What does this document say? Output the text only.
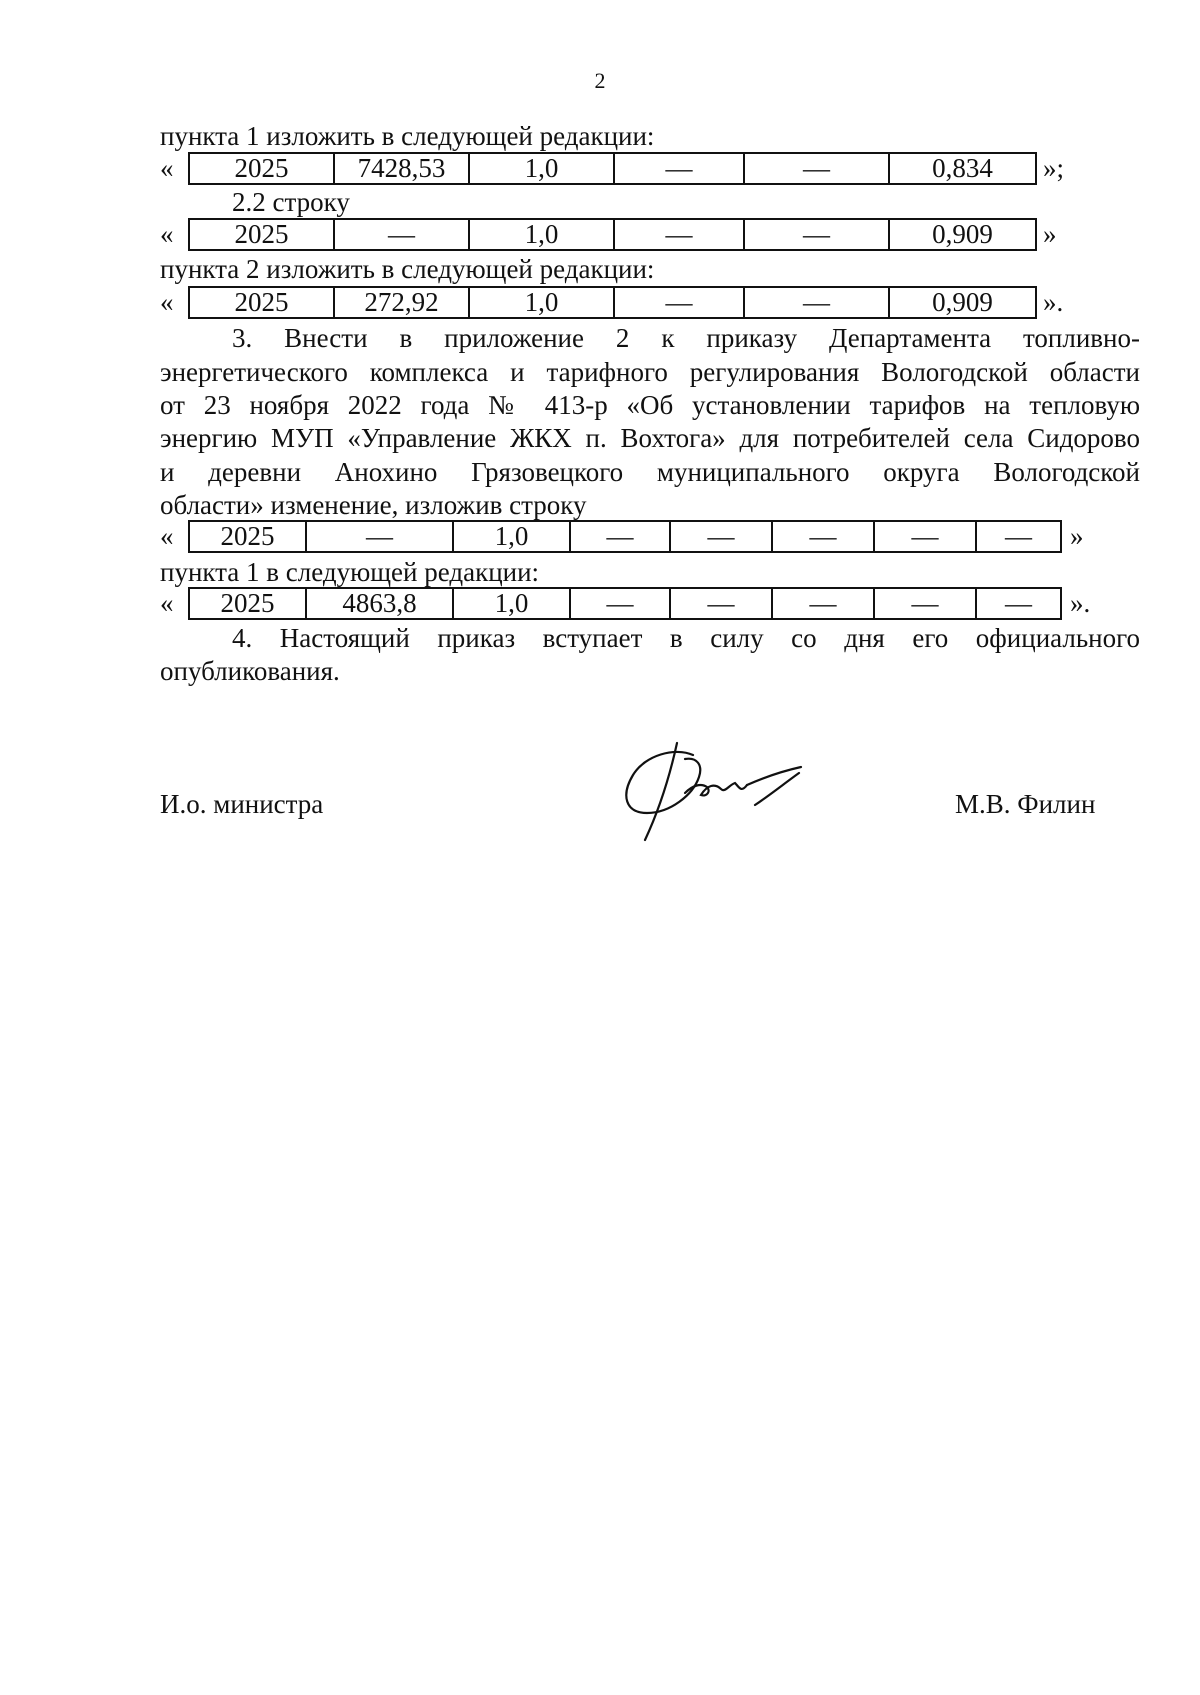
2
пункта 1 изложить в следующей редакции:
« 2025	7428,53	1,0	—	—	0,834 »;
2.2 строку
« 2025	—	1,0	—	—	0,909 »
пункта 2 изложить в следующей редакции:
« 2025	272,92	1,0	—	—	0,909 ».
3. Внести в приложение 2 к приказу Департамента топливно-
энергетического комплекса и тарифного регулирования Вологодской области
от 23 ноября 2022 года № 413-р «Об установлении тарифов на тепловую
энергию МУП «Управление ЖКХ п. Вохтога» для потребителей села Сидорово
и деревни Анохино Грязовецкого муниципального округа Вологодской
области» изменение, изложив строку
« 2025	—	1,0	—	—	—	—	— »
пункта 1 в следующей редакции:
« 2025	4863,8	1,0	—	—	—	—	— ».
4. Настоящий приказ вступает в силу со дня его официального
опубликования.
И.о. министра	М.В. Филин
